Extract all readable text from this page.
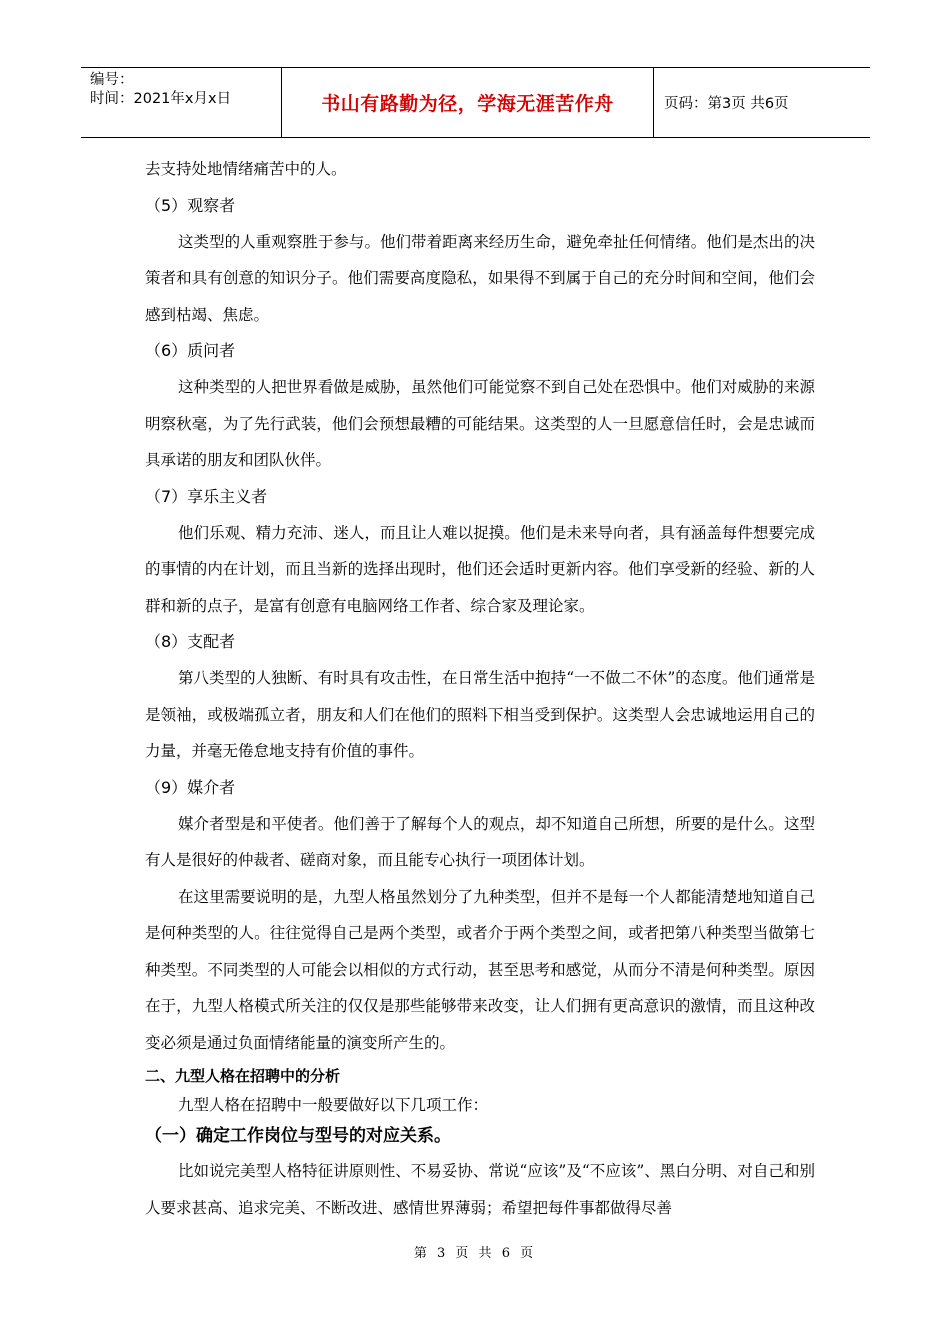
编号：
时间：2021年x月x日	书山有路勤为径，学海无涯苦作舟	页码：第3页 共6页

去支持处地情绪痛苦中的人。

（5）观察者

这类型的人重观察胜于参与。他们带着距离来经历生命，避免牵扯任何情绪。他们是杰出的决策者和具有创意的知识分子。他们需要高度隐私，如果得不到属于自己的充分时间和空间，他们会感到枯竭、焦虑。

（6）质问者

这种类型的人把世界看做是威胁，虽然他们可能觉察不到自己处在恐惧中。他们对威胁的来源明察秋毫，为了先行武装，他们会预想最糟的可能结果。这类型的人一旦愿意信任时，会是忠诚而具承诺的朋友和团队伙伴。

（7）享乐主义者

他们乐观、精力充沛、迷人，而且让人难以捉摸。他们是未来导向者，具有涵盖每件想要完成的事情的内在计划，而且当新的选择出现时，他们还会适时更新内容。他们享受新的经验、新的人群和新的点子，是富有创意有电脑网络工作者、综合家及理论家。

（8）支配者

第八类型的人独断、有时具有攻击性，在日常生活中抱持“一不做二不休”的态度。他们通常是是领袖，或极端孤立者，朋友和人们在他们的照料下相当受到保护。这类型人会忠诚地运用自己的力量，并毫无倦怠地支持有价值的事件。

（9）媒介者

媒介者型是和平使者。他们善于了解每个人的观点，却不知道自己所想，所要的是什么。这型有人是很好的仲裁者、磋商对象，而且能专心执行一项团体计划。

在这里需要说明的是，九型人格虽然划分了九种类型，但并不是每一个人都能清楚地知道自己是何种类型的人。往往觉得自己是两个类型，或者介于两个类型之间，或者把第八种类型当做第七种类型。不同类型的人可能会以相似的方式行动，甚至思考和感觉，从而分不清是何种类型。原因在于，九型人格模式所关注的仅仅是那些能够带来改变，让人们拥有更高意识的激情，而且这种改变必须是通过负面情绪能量的演变所产生的。

二、九型人格在招聘中的分析

九型人格在招聘中一般要做好以下几项工作：

（一）确定工作岗位与型号的对应关系。

比如说完美型人格特征讲原则性、不易妥协、常说“应该”及“不应该”、黑白分明、对自己和别人要求甚高、追求完美、不断改进、感情世界薄弱；希望把每件事都做得尽善

第 3 页 共 6 页
